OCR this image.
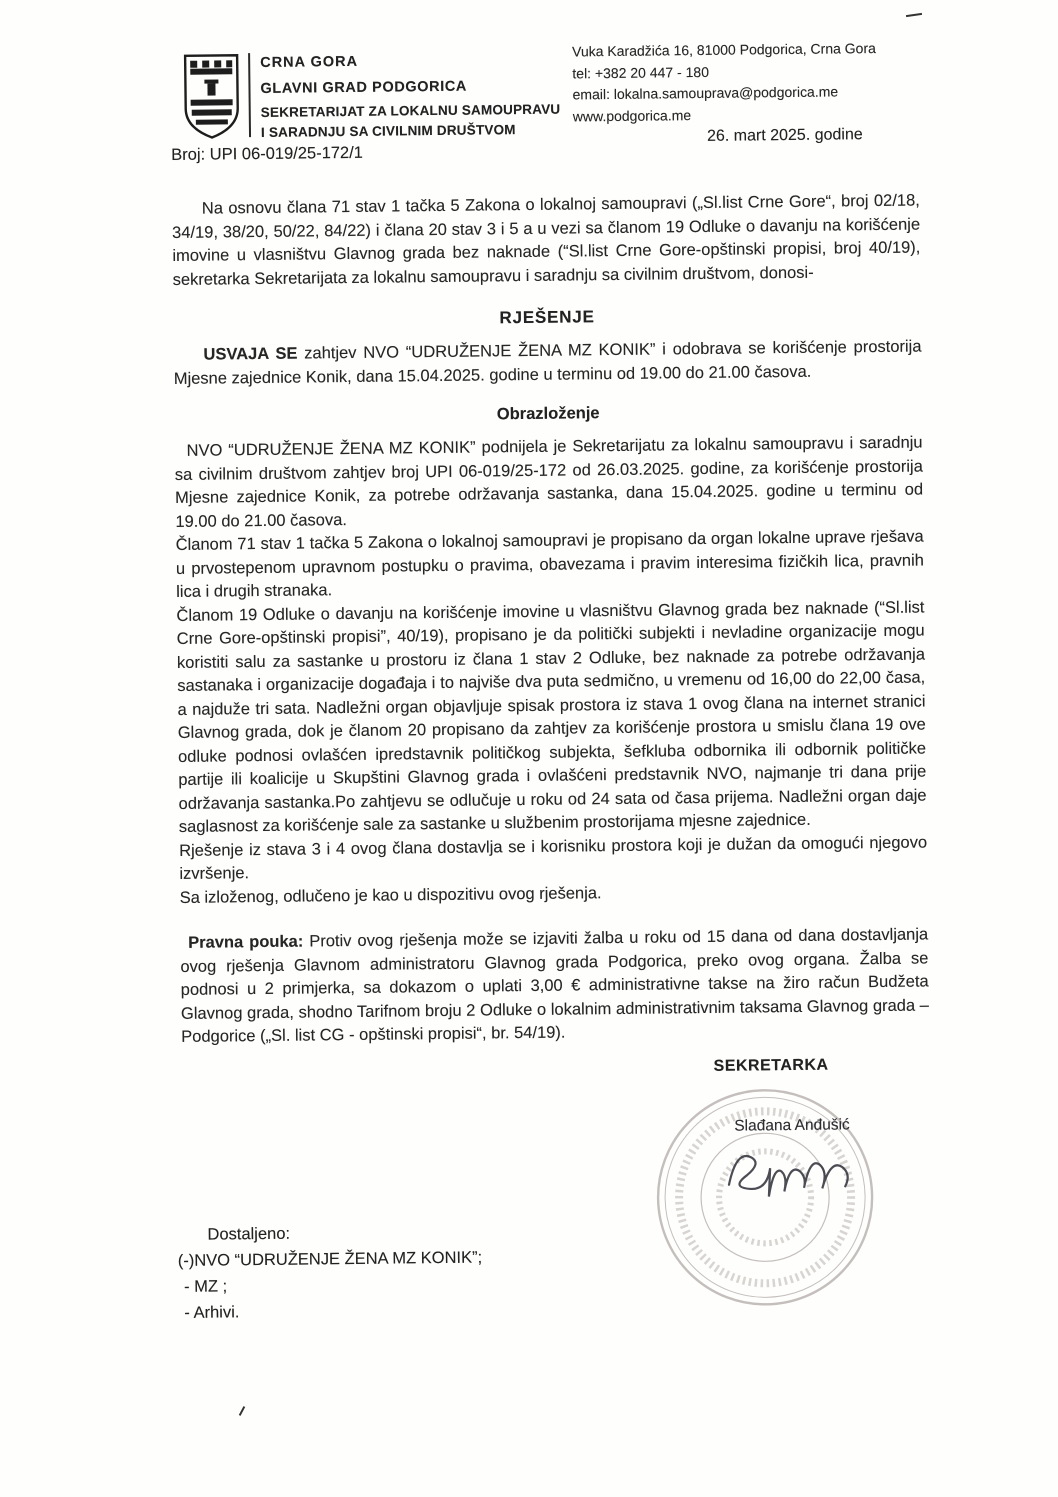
CRNA GORA
GLAVNI GRAD PODGORICA
SEKRETARIJAT ZA LOKALNU SAMOUPRAVU
I SARADNJU SA CIVILNIM DRUŠTVOM
Vuka Karadžića 16, 81000 Podgorica, Crna Gora
tel: +382 20 447 - 180
email: lokalna.samouprava@podgorica.me
www.podgorica.me
26. mart 2025. godine
Broj: UPI 06-019/25-172/1

Na osnovu člana 71 stav 1 tačka 5 Zakona o lokalnoj samoupravi („Sl.list Crne Gore“, broj 02/18, 34/19, 38/20, 50/22, 84/22) i člana 20 stav 3 i 5 a u vezi sa članom 19 Odluke o davanju na korišćenje imovine u vlasništvu Glavnog grada bez naknade (“Sl.list Crne Gore-opštinski propisi, broj 40/19), sekretarka Sekretarijata za lokalnu samoupravu i saradnju sa civilnim društvom, donosi-

RJEŠENJE

USVAJA SE zahtjev NVO “UDRUŽENJE ŽENA MZ KONIK” i odobrava se korišćenje prostorija Mjesne zajednice Konik, dana 15.04.2025. godine u terminu od 19.00 do 21.00 časova.

Obrazloženje

NVO “UDRUŽENJE ŽENA MZ KONIK” podnijela je Sekretarijatu za lokalnu samoupravu i saradnju sa civilnim društvom zahtjev broj UPI 06-019/25-172 od 26.03.2025. godine, za korišćenje prostorija Mjesne zajednice Konik, za potrebe održavanja sastanka, dana 15.04.2025. godine u terminu od 19.00 do 21.00 časova.

Članom 71 stav 1 tačka 5 Zakona o lokalnoj samoupravi je propisano da organ lokalne uprave rješava u prvostepenom upravnom postupku o pravima, obavezama i pravim interesima fizičkih lica, pravnih lica i drugih stranaka.

Članom 19 Odluke o davanju na korišćenje imovine u vlasništvu Glavnog grada bez naknade (“Sl.list Crne Gore-opštinski propisi”, 40/19), propisano je da politički subjekti i nevladine organizacije mogu koristiti salu za sastanke u prostoru iz člana 1 stav 2 Odluke, bez naknade za potrebe održavanja sastanaka i organizacije događaja i to najviše dva puta sedmično, u vremenu od 16,00 do 22,00 časa, a najduže tri sata. Nadležni organ objavljuje spisak prostora iz stava 1 ovog člana na internet stranici Glavnog grada, dok je članom 20 propisano da zahtjev za korišćenje prostora u smislu člana 19 ove odluke podnosi ovlašćen ipredstavnik političkog subjekta, šefkluba odbornika ili odbornik političke partije ili koalicije u Skupštini Glavnog grada i ovlašćeni predstavnik NVO, najmanje tri dana prije održavanja sastanka.Po zahtjevu se odlučuje u roku od 24 sata od časa prijema. Nadležni organ daje saglasnost za korišćenje sale za sastanke u službenim prostorijama mjesne zajednice.

Rješenje iz stava 3 i 4 ovog člana dostavlja se i korisniku prostora koji je dužan da omogući njegovo izvršenje.

Sa izloženog, odlučeno je kao u dispozitivu ovog rješenja.

Pravna pouka: Protiv ovog rješenja može se izjaviti žalba u roku od 15 dana od dana dostavljanja ovog rješenja Glavnom administratoru Glavnog grada Podgorica, preko ovog organa. Žalba se podnosi u 2 primjerka, sa dokazom o uplati 3,00 € administrativne takse na žiro račun Budžeta Glavnog grada, shodno Tarifnom broju 2 Odluke o lokalnim administrativnim taksama Glavnog grada – Podgorice („Sl. list CG - opštinski propisi“, br. 54/19).

SEKRETARKA
Slađana Anđušić
Dostaljeno:
(-)NVO “UDRUŽENJE ŽENA MZ KONIK”;
- MZ ;
- Arhivi.
